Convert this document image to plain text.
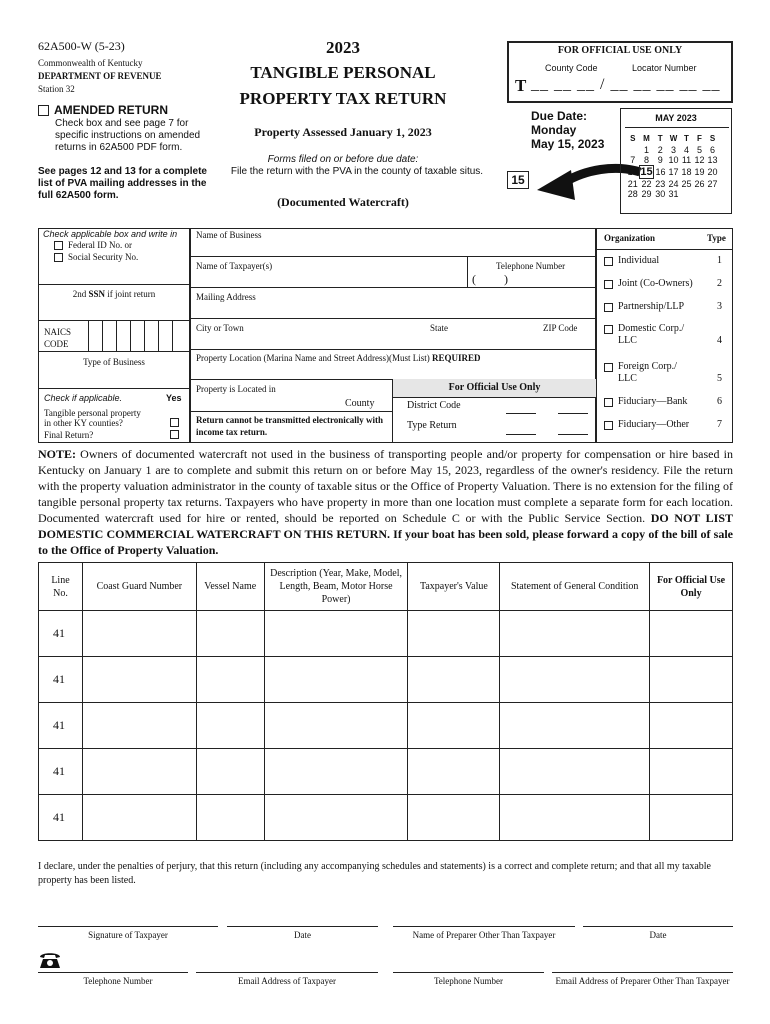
62A500-W (5-23)
Commonwealth of Kentucky
DEPARTMENT OF REVENUE
Station 32
AMENDED RETURN
Check box and see page 7 for specific instructions on amended returns in 62A500 PDF form.
See pages 12 and 13 for a complete list of PVA mailing addresses in the full 62A500 form.
2023
TANGIBLE PERSONAL
PROPERTY TAX RETURN
Property Assessed January 1, 2023
Forms filed on or before due date:
File the return with the PVA in the county of taxable situs.
(Documented Watercraft)
FOR OFFICIAL USE ONLY
County Code	Locator Number
T __ __ __ / __ __ __ __ __
Due Date:
Monday
May 15, 2023
15
MAY 2023
S	M	T	W	T	F	S
	1	2	3	4	5	6
7	8	9	10	11	12	13
14	15	16	17	18	19	20
21	22	23	24	25	26	27
28	29	30	31			
Check applicable box and write in
Federal ID No. or
Social Security No.
2nd SSN if joint return
NAICS
CODE
Type of Business
Check if applicable.	Yes
Tangible personal property
in other KY counties?
Final Return?
Name of Business
Name of Taxpayer(s)	Telephone Number
( )
Mailing Address
City or Town	State	ZIP Code
Property Location (Marina Name and Street Address)(Must List) REQUIRED
Property is Located in
County
Return cannot be transmitted electronically with income tax return.
For Official Use Only
District Code
Type Return
Organization	Type
Individual	1
Joint (Co-Owners) 2
Partnership/LLP	3
Domestic Corp./ LLC	4
Foreign Corp./ LLC	5
Fiduciary—Bank	6
Fiduciary—Other	7

NOTE: Owners of documented watercraft not used in the business of transporting people and/or property for compensation or hire based in Kentucky on January 1 are to complete and submit this return on or before May 15, 2023, regardless of the owner's residency. File the return with the property valuation administrator in the county of taxable situs or the Office of Property Valuation. There is no extension for the filing of tangible personal property tax returns. Taxpayers who have property in more than one location must complete a separate form for each location. Documented watercraft used for hire or rented, should be reported on Schedule C or with the Public Service Section. DO NOT LIST DOMESTIC COMMERCIAL WATERCRAFT ON THIS RETURN. If your boat has been sold, please forward a copy of the bill of sale to the Office of Property Valuation.

Line No.	Coast Guard Number	Vessel Name	Description (Year, Make, Model, Length, Beam, Motor Horse Power)	Taxpayer's Value	Statement of General Condition	For Official Use Only
41						
41						
41						
41						
41						
I declare, under the penalties of perjury, that this return (including any accompanying schedules and statements) is a correct and complete return; and that all my taxable property has been listed.
Signature of Taxpayer	Date	Name of Preparer Other Than Taxpayer	Date
Telephone Number	Email Address of Taxpayer	Telephone Number	Email Address of Preparer Other Than Taxpayer
